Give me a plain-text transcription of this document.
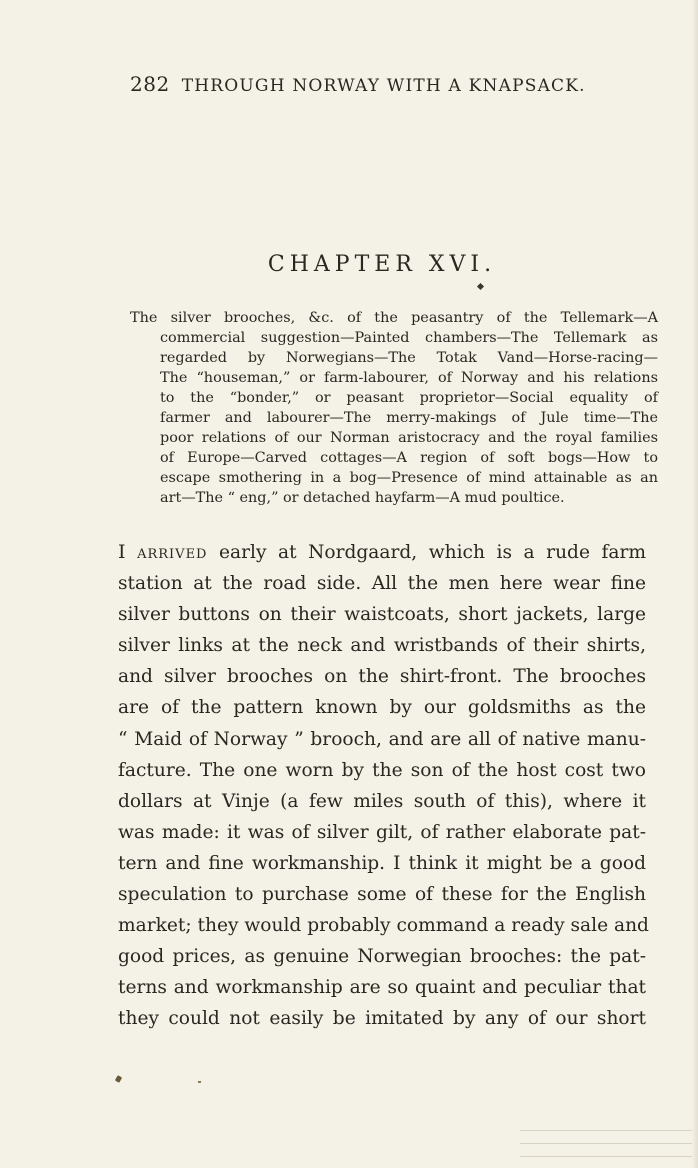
282 THROUGH NORWAY WITH A KNAPSACK.
CHAPTER XVI.
The silver brooches, &c. of the peasantry of the Tellemark—A
commercial suggestion—Painted chambers—The Tellemark as
regarded by Norwegians—The Totak Vand—Horse-racing—
The “houseman,” or farm-labourer, of Norway and his relations
to the “bonder,” or peasant proprietor—Social equality of
farmer and labourer—The merry-makings of Jule time—The
poor relations of our Norman aristocracy and the royal families
of Europe—Carved cottages—A region of soft bogs—How to
escape smothering in a bog—Presence of mind attainable as an
art—The “ eng,” or detached hayfarm—A mud poultice.
I arrived early at Nordgaard, which is a rude farm
station at the road side. All the men here wear fine
silver buttons on their waistcoats, short jackets, large
silver links at the neck and wristbands of their shirts,
and silver brooches on the shirt-front. The brooches
are of the pattern known by our goldsmiths as the
“ Maid of Norway ” brooch, and are all of native manu-
facture. The one worn by the son of the host cost two
dollars at Vinje (a few miles south of this), where it
was made: it was of silver gilt, of rather elaborate pat-
tern and fine workmanship. I think it might be a good
speculation to purchase some of these for the English
market; they would probably command a ready sale and
good prices, as genuine Norwegian brooches: the pat-
terns and workmanship are so quaint and peculiar that
they could not easily be imitated by any of our short
